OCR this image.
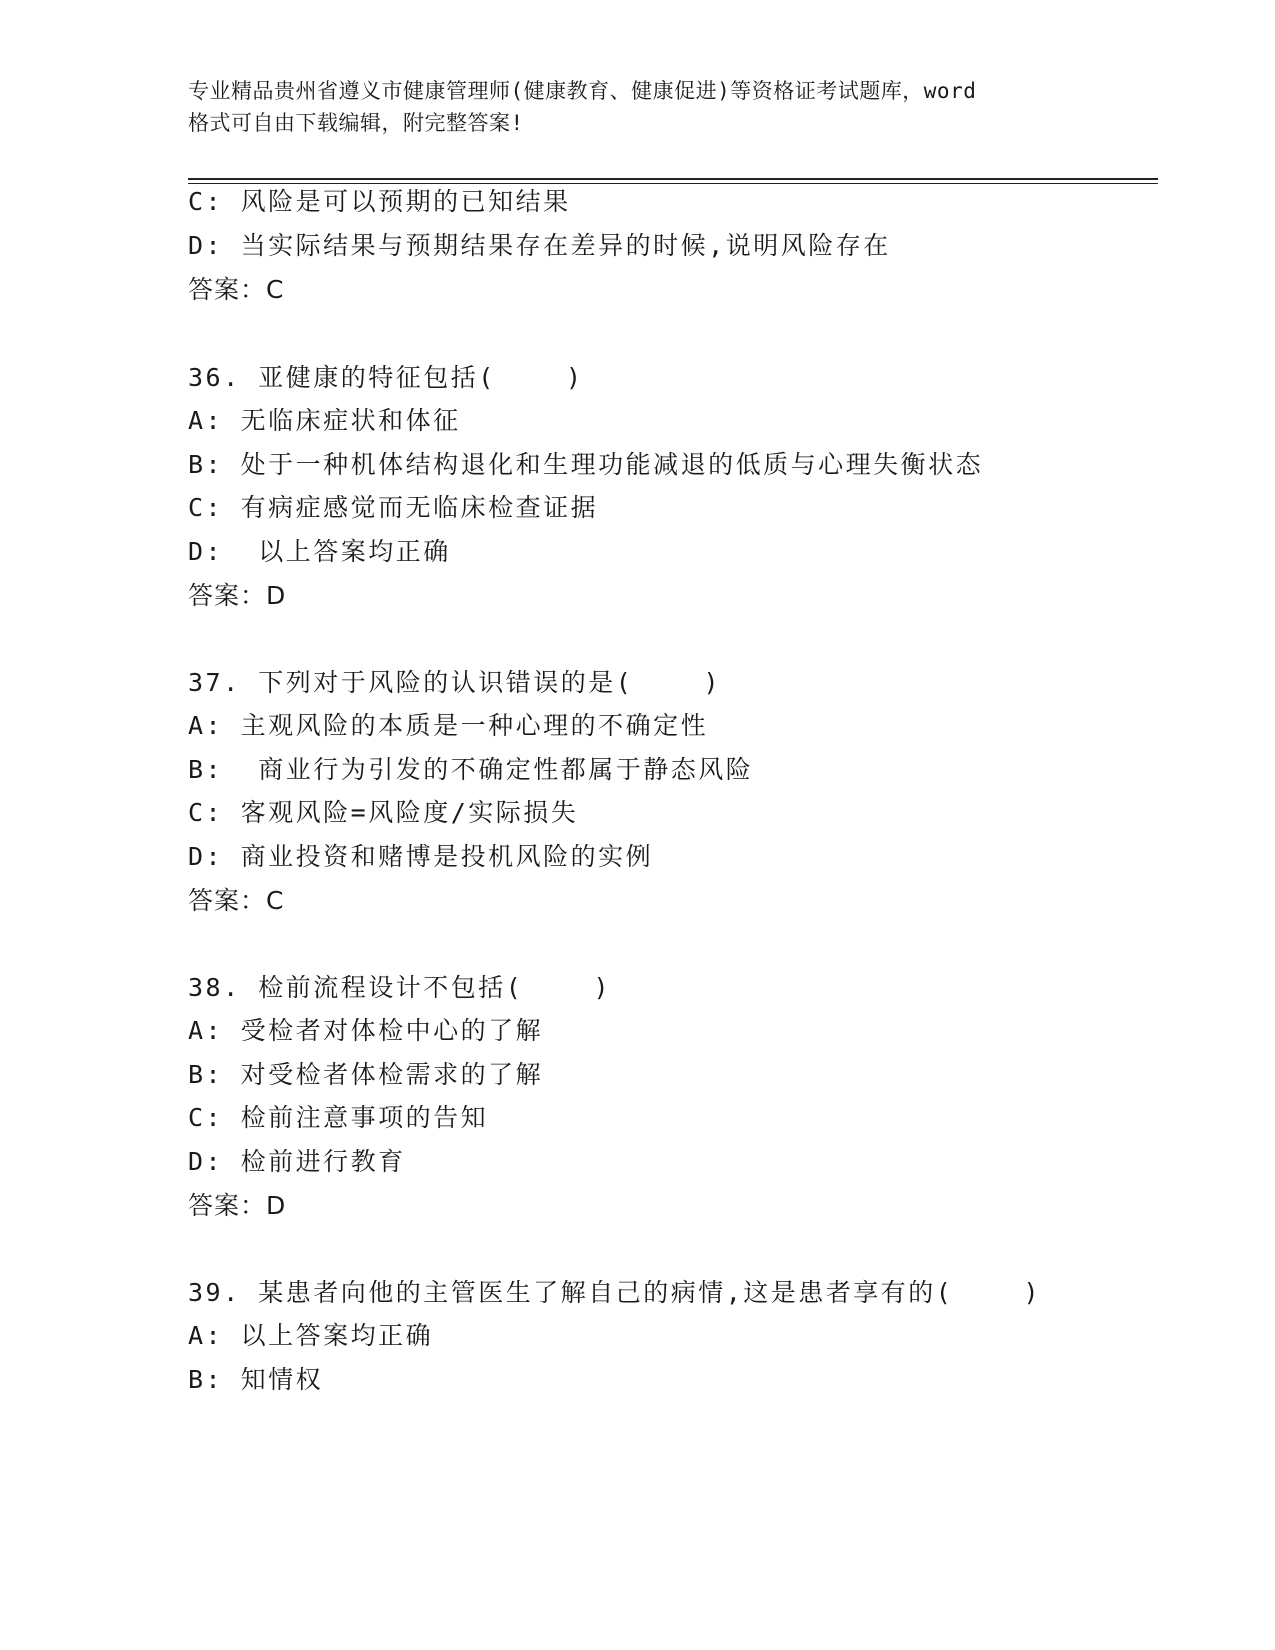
专业精品贵州省遵义市健康管理师(健康教育、健康促进)等资格证考试题库，word
格式可自由下载编辑，附完整答案!
C: 风险是可以预期的已知结果
D: 当实际结果与预期结果存在差异的时候,说明风险存在
答案：C
36. 亚健康的特征包括(    )
A: 无临床症状和体征
B: 处于一种机体结构退化和生理功能减退的低质与心理失衡状态
C: 有病症感觉而无临床检查证据
D:  以上答案均正确
答案：D
37. 下列对于风险的认识错误的是(    )
A: 主观风险的本质是一种心理的不确定性
B:  商业行为引发的不确定性都属于静态风险
C: 客观风险=风险度/实际损失
D: 商业投资和赌博是投机风险的实例
答案：C
38. 检前流程设计不包括(    )
A: 受检者对体检中心的了解
B: 对受检者体检需求的了解
C: 检前注意事项的告知
D: 检前进行教育
答案：D
39. 某患者向他的主管医生了解自己的病情,这是患者享有的(    )
A: 以上答案均正确
B: 知情权
